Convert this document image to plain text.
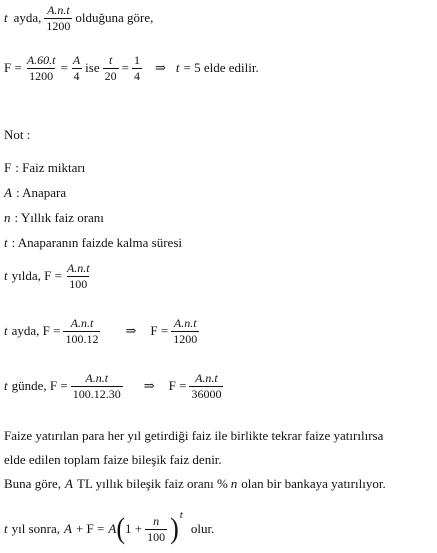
t ayda, $\frac{A.n.t}{1200}$ olduğuna göre,
$F = \frac{A.60.t}{1200} = \frac{A}{4}$ ise $\frac{t}{20} = \frac{1}{4}$ ⇒ t = 5 elde edilir.
Not :
F : Faiz miktarı
A : Anapara
n : Yıllık faiz oranı
t : Anaparanın faizde kalma süresi
t yılda, $F = \frac{A.n.t}{100}$
t ayda, $F = \frac{A.n.t}{100.12}$ ⇒ $F = \frac{A.n.t}{1200}$
t günde, $F = \frac{A.n.t}{100.12.30}$ ⇒ $F = \frac{A.n.t}{36000}$
Faize yatırılan para her yıl getirdiği faiz ile birlikte tekrar faize yatırılırsa
elde edilen toplam faize bileşik faiz denir.
Buna göre, A TL yıllık bileşik faiz oranı % n olan bir bankaya yatırılıyor.
t yıl sonra, A + F = A ( $1 + \frac{n}{100}$ ) t
olur.
